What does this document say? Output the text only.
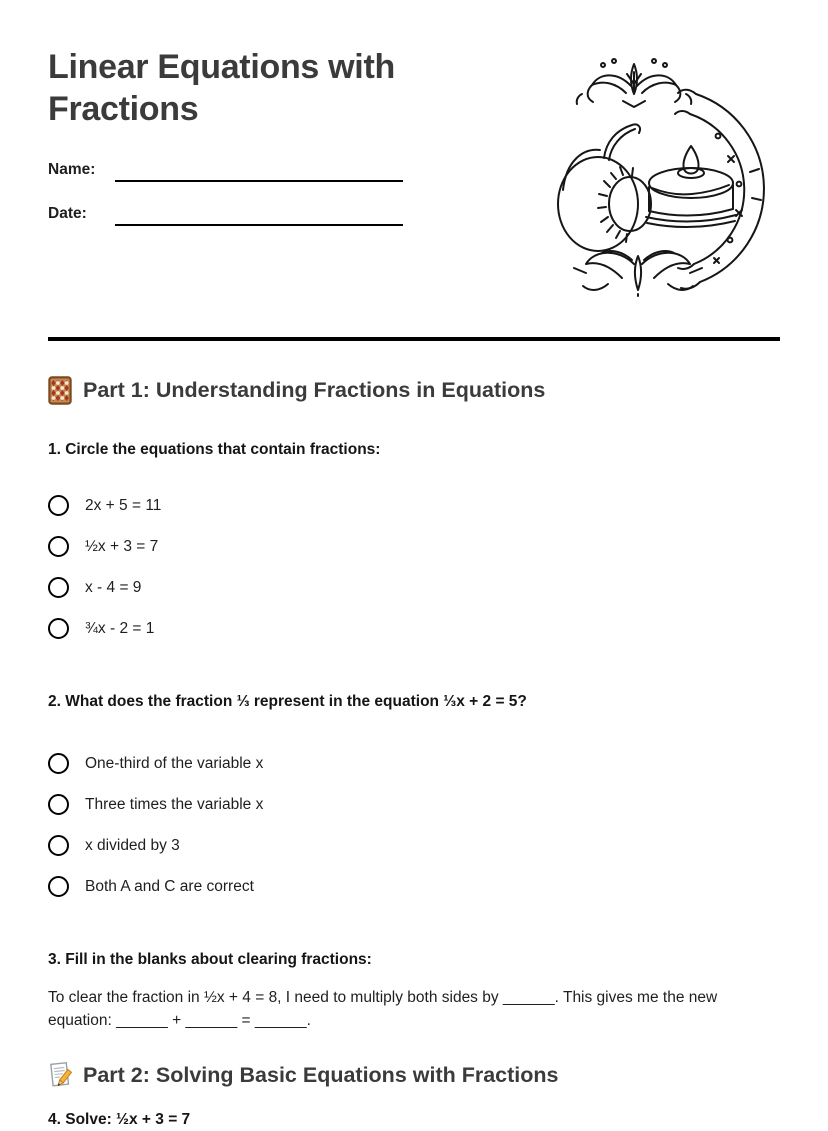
Linear Equations with Fractions
Name:
Date:
Part 1: Understanding Fractions in Equations
1. Circle the equations that contain fractions:
2x + 5 = 11
½x + 3 = 7
x - 4 = 9
¾x - 2 = 1
2. What does the fraction ⅓ represent in the equation ⅓x + 2 = 5?
One-third of the variable x
Three times the variable x
x divided by 3
Both A and C are correct
3. Fill in the blanks about clearing fractions:

To clear the fraction in ½x + 4 = 8, I need to multiply both sides by ______. This gives me the new equation: ______ + ______ = ______.

Part 2: Solving Basic Equations with Fractions
4. Solve: ½x + 3 = 7
